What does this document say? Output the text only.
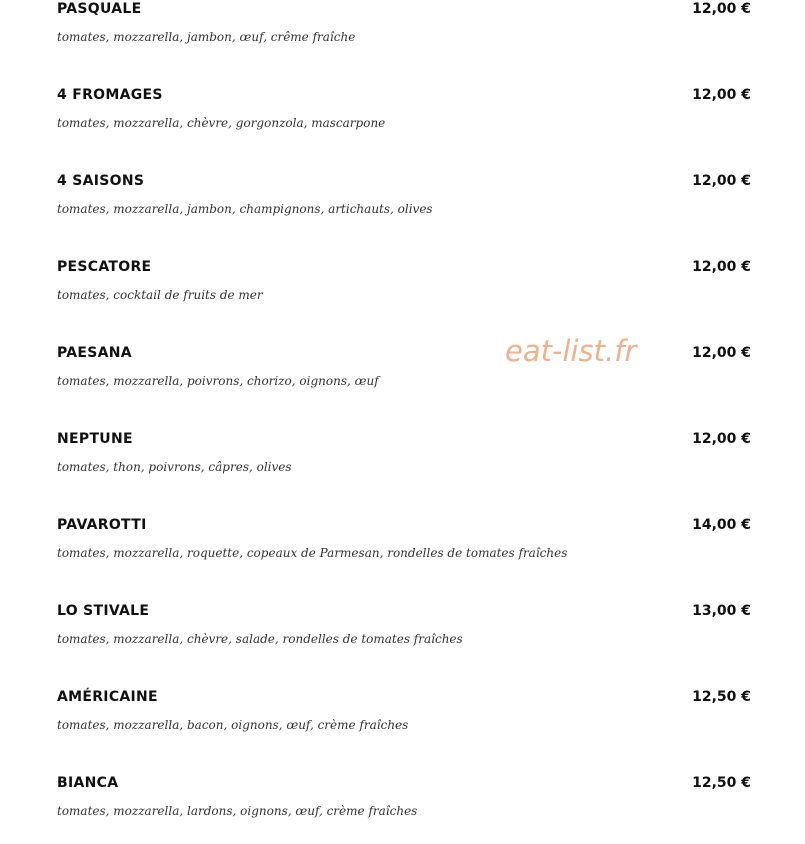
PASQUALE	12,00 €
tomates, mozzarella, jambon, œuf, crême fraîche
4 FROMAGES	12,00 €
tomates, mozzarella, chèvre, gorgonzola, mascarpone
4 SAISONS	12,00 €
tomates, mozzarella, jambon, champignons, artichauts, olives
PESCATORE	12,00 €
tomates, cocktail de fruits de mer
PAESANA	12,00 €
tomates, mozzarella, poivrons, chorizo, oignons, œuf
NEPTUNE	12,00 €
tomates, thon, poivrons, câpres, olives
PAVAROTTI	14,00 €
tomates, mozzarella, roquette, copeaux de Parmesan, rondelles de tomates fraîches
LO STIVALE	13,00 €
tomates, mozzarella, chèvre, salade, rondelles de tomates fraîches
AMÉRICAINE	12,50 €
tomates, mozzarella, bacon, oignons, œuf, crème fraîches
BIANCA	12,50 €
tomates, mozzarella, lardons, oignons, œuf, crème fraîches
eat-list.fr
